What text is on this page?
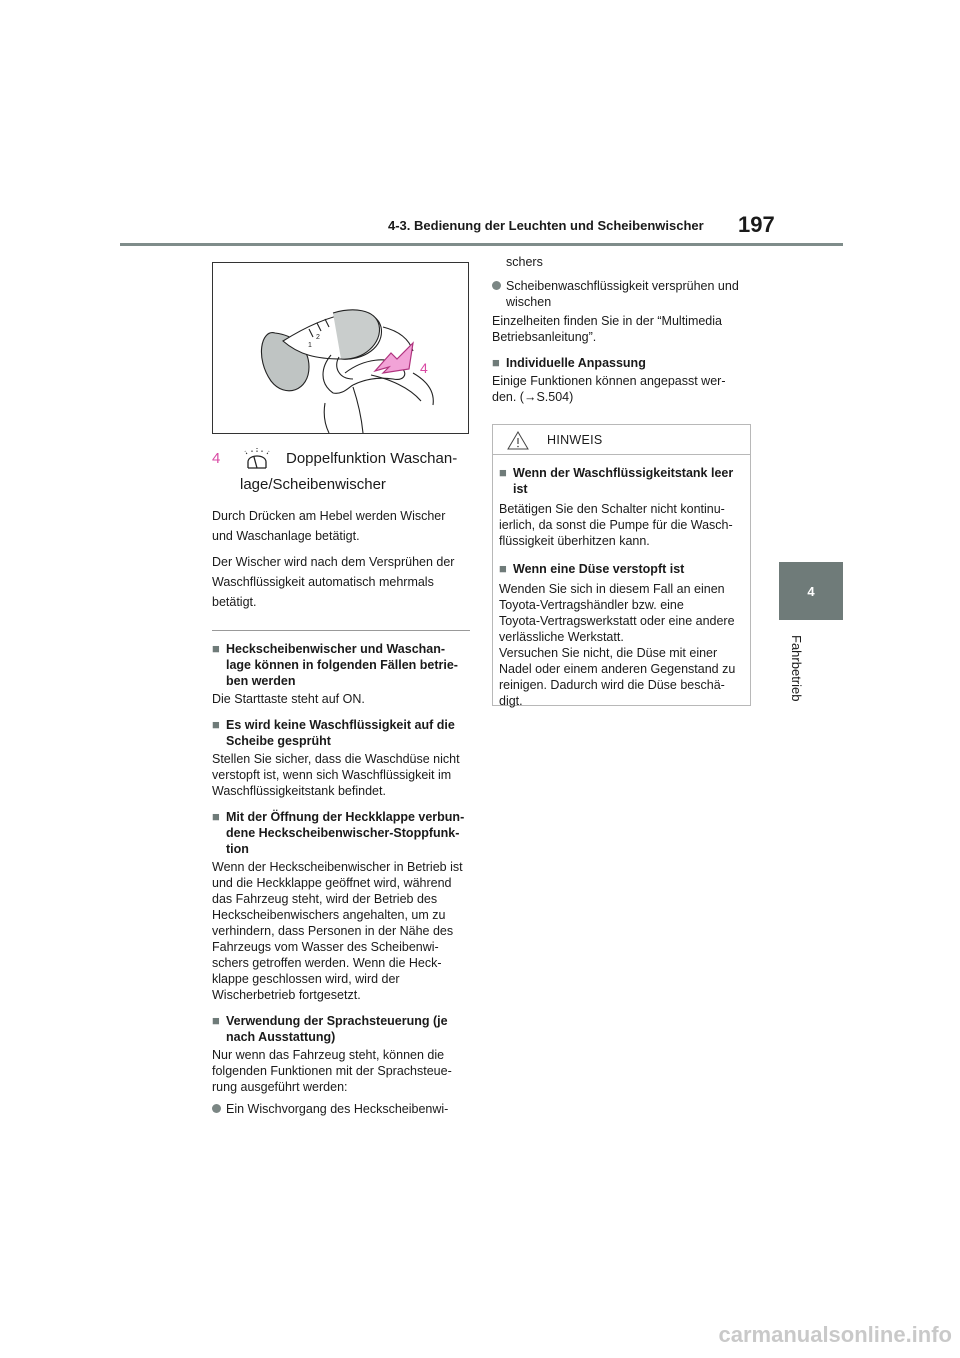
4-3. Bedienung der Leuchten und Scheibenwischer 197
4
Fahrbetrieb
1
2
4
4	Doppelfunktion Waschan-
lage/Scheibenwischer
Durch Drücken am Hebel werden Wischer
und Waschanlage betätigt.
Der Wischer wird nach dem Versprühen der
Waschflüssigkeit automatisch mehrmals
betätigt.
■ Heckscheibenwischer und Waschan-
lage können in folgenden Fällen betrie-
ben werden
Die Starttaste steht auf ON.
■ Es wird keine Waschflüssigkeit auf die
Scheibe gesprüht
Stellen Sie sicher, dass die Waschdüse nicht
verstopft ist, wenn sich Waschflüssigkeit im
Waschflüssigkeitstank befindet.
■ Mit der Öffnung der Heckklappe verbun-
dene Heckscheibenwischer-Stoppfunk-
tion
Wenn der Heckscheibenwischer in Betrieb ist
und die Heckklappe geöffnet wird, während
das Fahrzeug steht, wird der Betrieb des
Heckscheibenwischers angehalten, um zu
verhindern, dass Personen in der Nähe des
Fahrzeugs vom Wasser des Scheibenwi-
schers getroffen werden. Wenn die Heck-
klappe geschlossen wird, wird der
Wischerbetrieb fortgesetzt.
■ Verwendung der Sprachsteuerung (je
nach Ausstattung)
Nur wenn das Fahrzeug steht, können die
folgenden Funktionen mit der Sprachsteue-
rung ausgeführt werden:
Ein Wischvorgang des Heckscheibenwi-
schers
Scheibenwaschflüssigkeit versprühen und
wischen
Einzelheiten finden Sie in der “Multimedia
Betriebsanleitung”.
■ Individuelle Anpassung
Einige Funktionen können angepasst wer-
den. (→S.504)
HINWEIS
■ Wenn der Waschflüssigkeitstank leer
ist
Betätigen Sie den Schalter nicht kontinu-
ierlich, da sonst die Pumpe für die Wasch-
flüssigkeit überhitzen kann.
■ Wenn eine Düse verstopft ist
Wenden Sie sich in diesem Fall an einen
Toyota-Vertragshändler bzw. eine
Toyota-Vertragswerkstatt oder eine andere
verlässliche Werkstatt.
Versuchen Sie nicht, die Düse mit einer
Nadel oder einem anderen Gegenstand zu
reinigen. Dadurch wird die Düse beschä-
digt.
carmanualsonline.info
